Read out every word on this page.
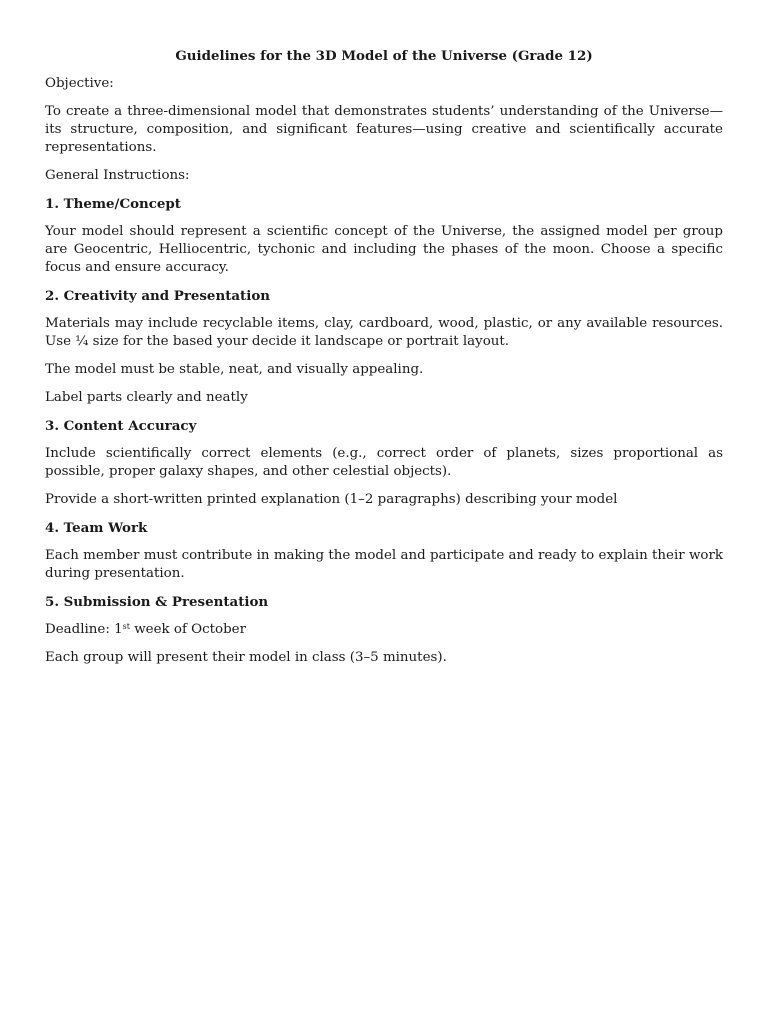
Guidelines for the 3D Model of the Universe (Grade 12)

Objective:

To create a three-dimensional model that demonstrates students’ understanding of the Universe—its structure, composition, and significant features—using creative and scientifically accurate representations.

General Instructions:

1. Theme/Concept

Your model should represent a scientific concept of the Universe, the assigned model per group are Geocentric, Helliocentric, tychonic and including the phases of the moon. Choose a specific focus and ensure accuracy.

2. Creativity and Presentation

Materials may include recyclable items, clay, cardboard, wood, plastic, or any available resources. Use ¼ size for the based your decide it landscape or portrait layout.

The model must be stable, neat, and visually appealing.

Label parts clearly and neatly

3. Content Accuracy

Include scientifically correct elements (e.g., correct order of planets, sizes proportional as possible, proper galaxy shapes, and other celestial objects).

Provide a short-written printed explanation (1–2 paragraphs) describing your model

4. Team Work

Each member must contribute in making the model and participate and ready to explain their work during presentation.

5. Submission & Presentation

Deadline: 1st week of October

Each group will present their model in class (3–5 minutes).
